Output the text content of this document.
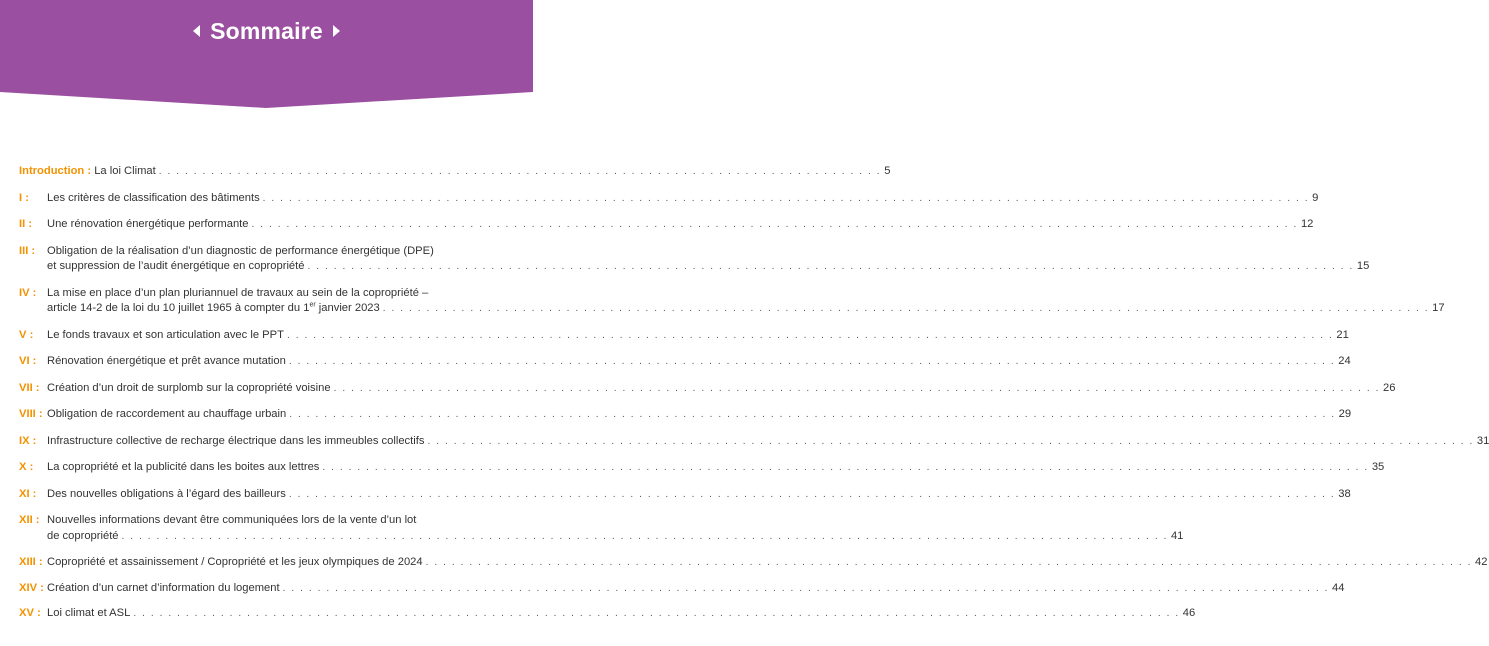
Sommaire
Introduction : La loi Climat . . . . . . . . . . . . . . . . . . . . . . . . . . . . . . . . . . . . . . . . . . . . . . . . . . . . . . . . . . . . . . . . . . . . . . . . . . . . . . . . . . . 5
I :	Les critères de classification des bâtiments . . . . . . . . . . . . . . . . . . . . . . . . . . . . . . . . . . . . . . . . . . . . . . . . . . . . . . . . . . . . . . . . . . . . . . . . . . . . . . . . . . . . . . . . . . . . . . . . . . . . . . . . . . . . . . . . . . . . . . . . 9
II :	Une rénovation énergétique performante . . . . . . . . . . . . . . . . . . . . . . . . . . . . . . . . . . . . . . . . . . . . . . . . . . . . . . . . . . . . . . . . . . . . . . . . . . . . . . . . . . . . . . . . . . . . . . . . . . . . . . . . . . . . . . . . . . . . . . . . 12
III :	Obligation de la réalisation d’un diagnostic de performance énergétique (DPE)
et suppression de l’audit énergétique en copropriété . . . . . . . . . . . . . . . . . . . . . . . . . . . . . . . . . . . . . . . . . . . . . . . . . . . . . . . . . . . . . . . . . . . . . . . . . . . . . . . . . . . . . . . . . . . . . . . . . . . . . . . . . . . . . . . . . . . . . . . . 15
IV : La mise en place d’un plan pluriannuel de travaux au sein de la copropriété –
article 14-2 de la loi du 10 juillet 1965 à compter du 1er janvier 2023 . . . . . . . . . . . . . . . . . . . . . . . . . . . . . . . . . . . . . . . . . . . . . . . . . . . . . . . . . . . . . . . . . . . . . . . . . . . . . . . . . . . . . . . . . . . . . . . . . . . . . . . . . . . . . . . . . . . . . . . . 17
V :	Le fonds travaux et son articulation avec le PPT . . . . . . . . . . . . . . . . . . . . . . . . . . . . . . . . . . . . . . . . . . . . . . . . . . . . . . . . . . . . . . . . . . . . . . . . . . . . . . . . . . . . . . . . . . . . . . . . . . . . . . . . . . . . . . . . . . . . . . . . 21
VI : Rénovation énergétique et prêt avance mutation . . . . . . . . . . . . . . . . . . . . . . . . . . . . . . . . . . . . . . . . . . . . . . . . . . . . . . . . . . . . . . . . . . . . . . . . . . . . . . . . . . . . . . . . . . . . . . . . . . . . . . . . . . . . . . . . . . . . . . . . 24
VII : Création d’un droit de surplomb sur la copropriété voisine . . . . . . . . . . . . . . . . . . . . . . . . . . . . . . . . . . . . . . . . . . . . . . . . . . . . . . . . . . . . . . . . . . . . . . . . . . . . . . . . . . . . . . . . . . . . . . . . . . . . . . . . . . . . . . . . . . . . . . . . 26
VIII : Obligation de raccordement au chauffage urbain . . . . . . . . . . . . . . . . . . . . . . . . . . . . . . . . . . . . . . . . . . . . . . . . . . . . . . . . . . . . . . . . . . . . . . . . . . . . . . . . . . . . . . . . . . . . . . . . . . . . . . . . . . . . . . . . . . . . . . . . 29
IX : Infrastructure collective de recharge électrique dans les immeubles collectifs . . . . . . . . . . . . . . . . . . . . . . . . . . . . . . . . . . . . . . . . . . . . . . . . . . . . . . . . . . . . . . . . . . . . . . . . . . . . . . . . . . . . . . . . . . . . . . . . . . . . . . . . . . . . . . . . . . . . . . . . 31
X :	La copropriété et la publicité dans les boites aux lettres . . . . . . . . . . . . . . . . . . . . . . . . . . . . . . . . . . . . . . . . . . . . . . . . . . . . . . . . . . . . . . . . . . . . . . . . . . . . . . . . . . . . . . . . . . . . . . . . . . . . . . . . . . . . . . . . . . . . . . . . 35
XI : Des nouvelles obligations à l’égard des bailleurs . . . . . . . . . . . . . . . . . . . . . . . . . . . . . . . . . . . . . . . . . . . . . . . . . . . . . . . . . . . . . . . . . . . . . . . . . . . . . . . . . . . . . . . . . . . . . . . . . . . . . . . . . . . . . . . . . . . . . . . . 38
XII : Nouvelles informations devant être communiquées lors de la vente d’un lot
de copropriété . . . . . . . . . . . . . . . . . . . . . . . . . . . . . . . . . . . . . . . . . . . . . . . . . . . . . . . . . . . . . . . . . . . . . . . . . . . . . . . . . . . . . . . . . . . . . . . . . . . . . . . . . . . . . . . . . . . . . . . . 41
XIII : Copropriété et assainissement / Copropriété et les jeux olympiques de 2024 . . . . . . . . . . . . . . . . . . . . . . . . . . . . . . . . . . . . . . . . . . . . . . . . . . . . . . . . . . . . . . . . . . . . . . . . . . . . . . . . . . . . . . . . . . . . . . . . . . . . . . . . . . . . . . . . . . . . . . . . 42
XIV : Création d’un carnet d’information du logement . . . . . . . . . . . . . . . . . . . . . . . . . . . . . . . . . . . . . . . . . . . . . . . . . . . . . . . . . . . . . . . . . . . . . . . . . . . . . . . . . . . . . . . . . . . . . . . . . . . . . . . . . . . . . . . . . . . . . . . . 44
XV : Loi climat et ASL . . . . . . . . . . . . . . . . . . . . . . . . . . . . . . . . . . . . . . . . . . . . . . . . . . . . . . . . . . . . . . . . . . . . . . . . . . . . . . . . . . . . . . . . . . . . . . . . . . . . . . . . . . . . . . . . . . . . . . . . 46
